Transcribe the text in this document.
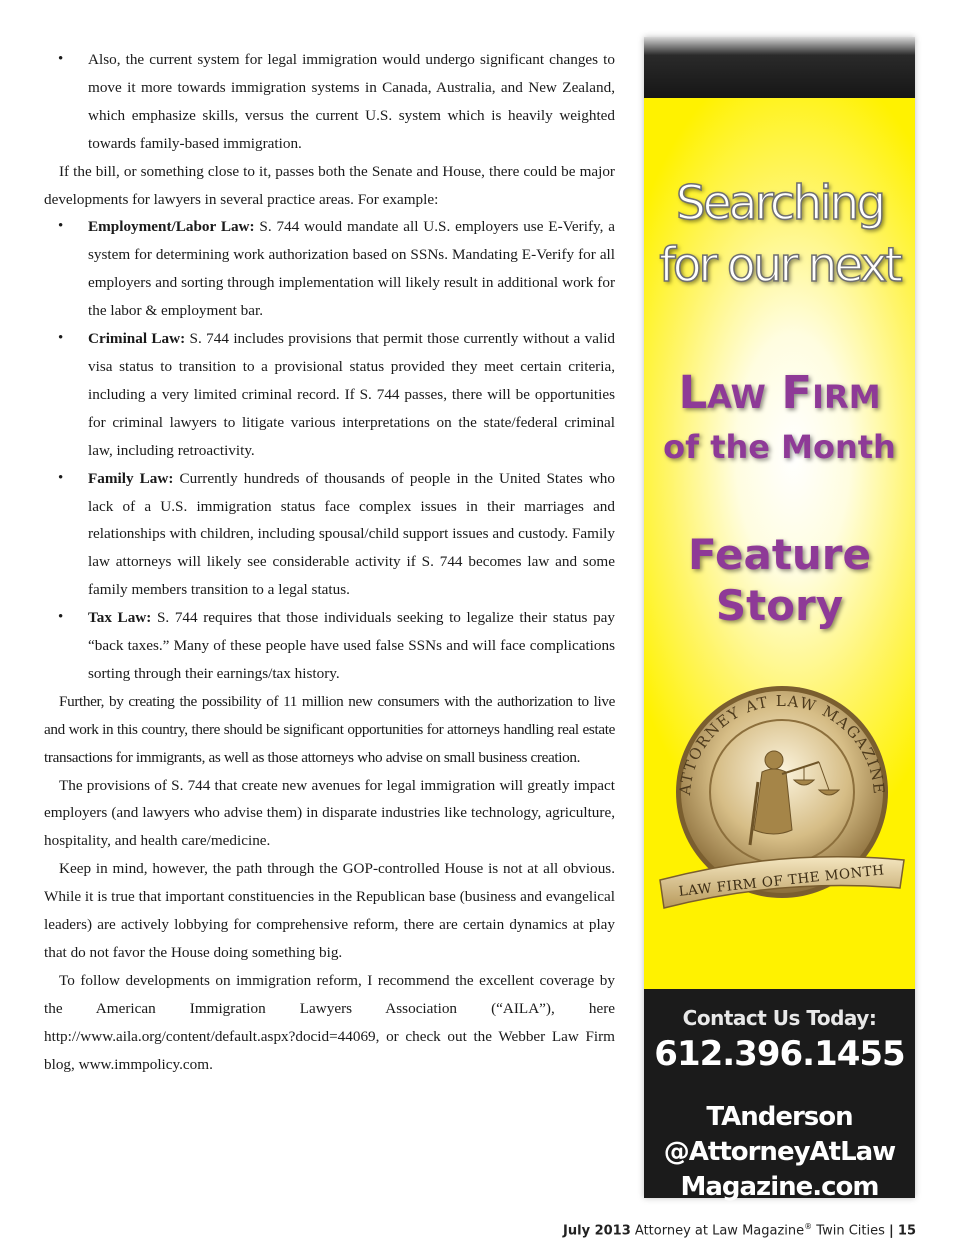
• Also, the current system for legal immigration would undergo significant changes to move it more towards immigration systems in Canada, Australia, and New Zealand, which emphasize skills, versus the current U.S. system which is heavily weighted towards family-based immigration.

If the bill, or something close to it, passes both the Senate and House, there could be major developments for lawyers in several practice areas. For example:

• Employment/Labor Law: S. 744 would mandate all U.S. employers use E-Verify, a system for determining work authorization based on SSNs. Mandating E-Verify for all employers and sorting through implementation will likely result in additional work for the labor & employment bar.
• Criminal Law: S. 744 includes provisions that permit those currently without a valid visa status to transition to a provisional status provided they meet certain criteria, including a very limited criminal record. If S. 744 passes, there will be opportunities for criminal lawyers to litigate various interpretations on the state/federal criminal law, including retroactivity.
• Family Law: Currently hundreds of thousands of people in the United States who lack of a U.S. immigration status face complex issues in their marriages and relationships with children, including spousal/child support issues and custody. Family law attorneys will likely see considerable activity if S. 744 becomes law and some family members transition to a legal status.
• Tax Law: S. 744 requires that those individuals seeking to legalize their status pay “back taxes.” Many of these people have used false SSNs and will face complications sorting through their earnings/tax history.

Further, by creating the possibility of 11 million new consumers with the authorization to live and work in this country, there should be significant opportunities for attorneys handling real estate transactions for immigrants, as well as those attorneys who advise on small business creation.

The provisions of S. 744 that create new avenues for legal immigration will greatly impact employers (and lawyers who advise them) in disparate industries like technology, agriculture, hospitality, and health care/medicine.

Keep in mind, however, the path through the GOP-controlled House is not at all obvious. While it is true that important constituencies in the Republican base (business and evangelical leaders) are actively lobbying for comprehensive reform, there are certain dynamics at play that do not favor the House doing something big.

To follow developments on immigration reform, I recommend the excellent coverage by the American Immigration Lawyers Association (“AILA”), here http://www.aila.org/content/default.aspx?docid=44069, or check out the Webber Law Firm blog, www.immpolicy.com.

Searching
for our next
Law Firm
of the Month
Feature
Story
ATTORNEY AT LAW MAGAZINE
LAW FIRM OF THE MONTH
Contact Us Today:
612.396.1455
TAnderson
@AttorneyAtLaw
Magazine.com
July 2013 Attorney at Law Magazine® Twin Cities | 15
